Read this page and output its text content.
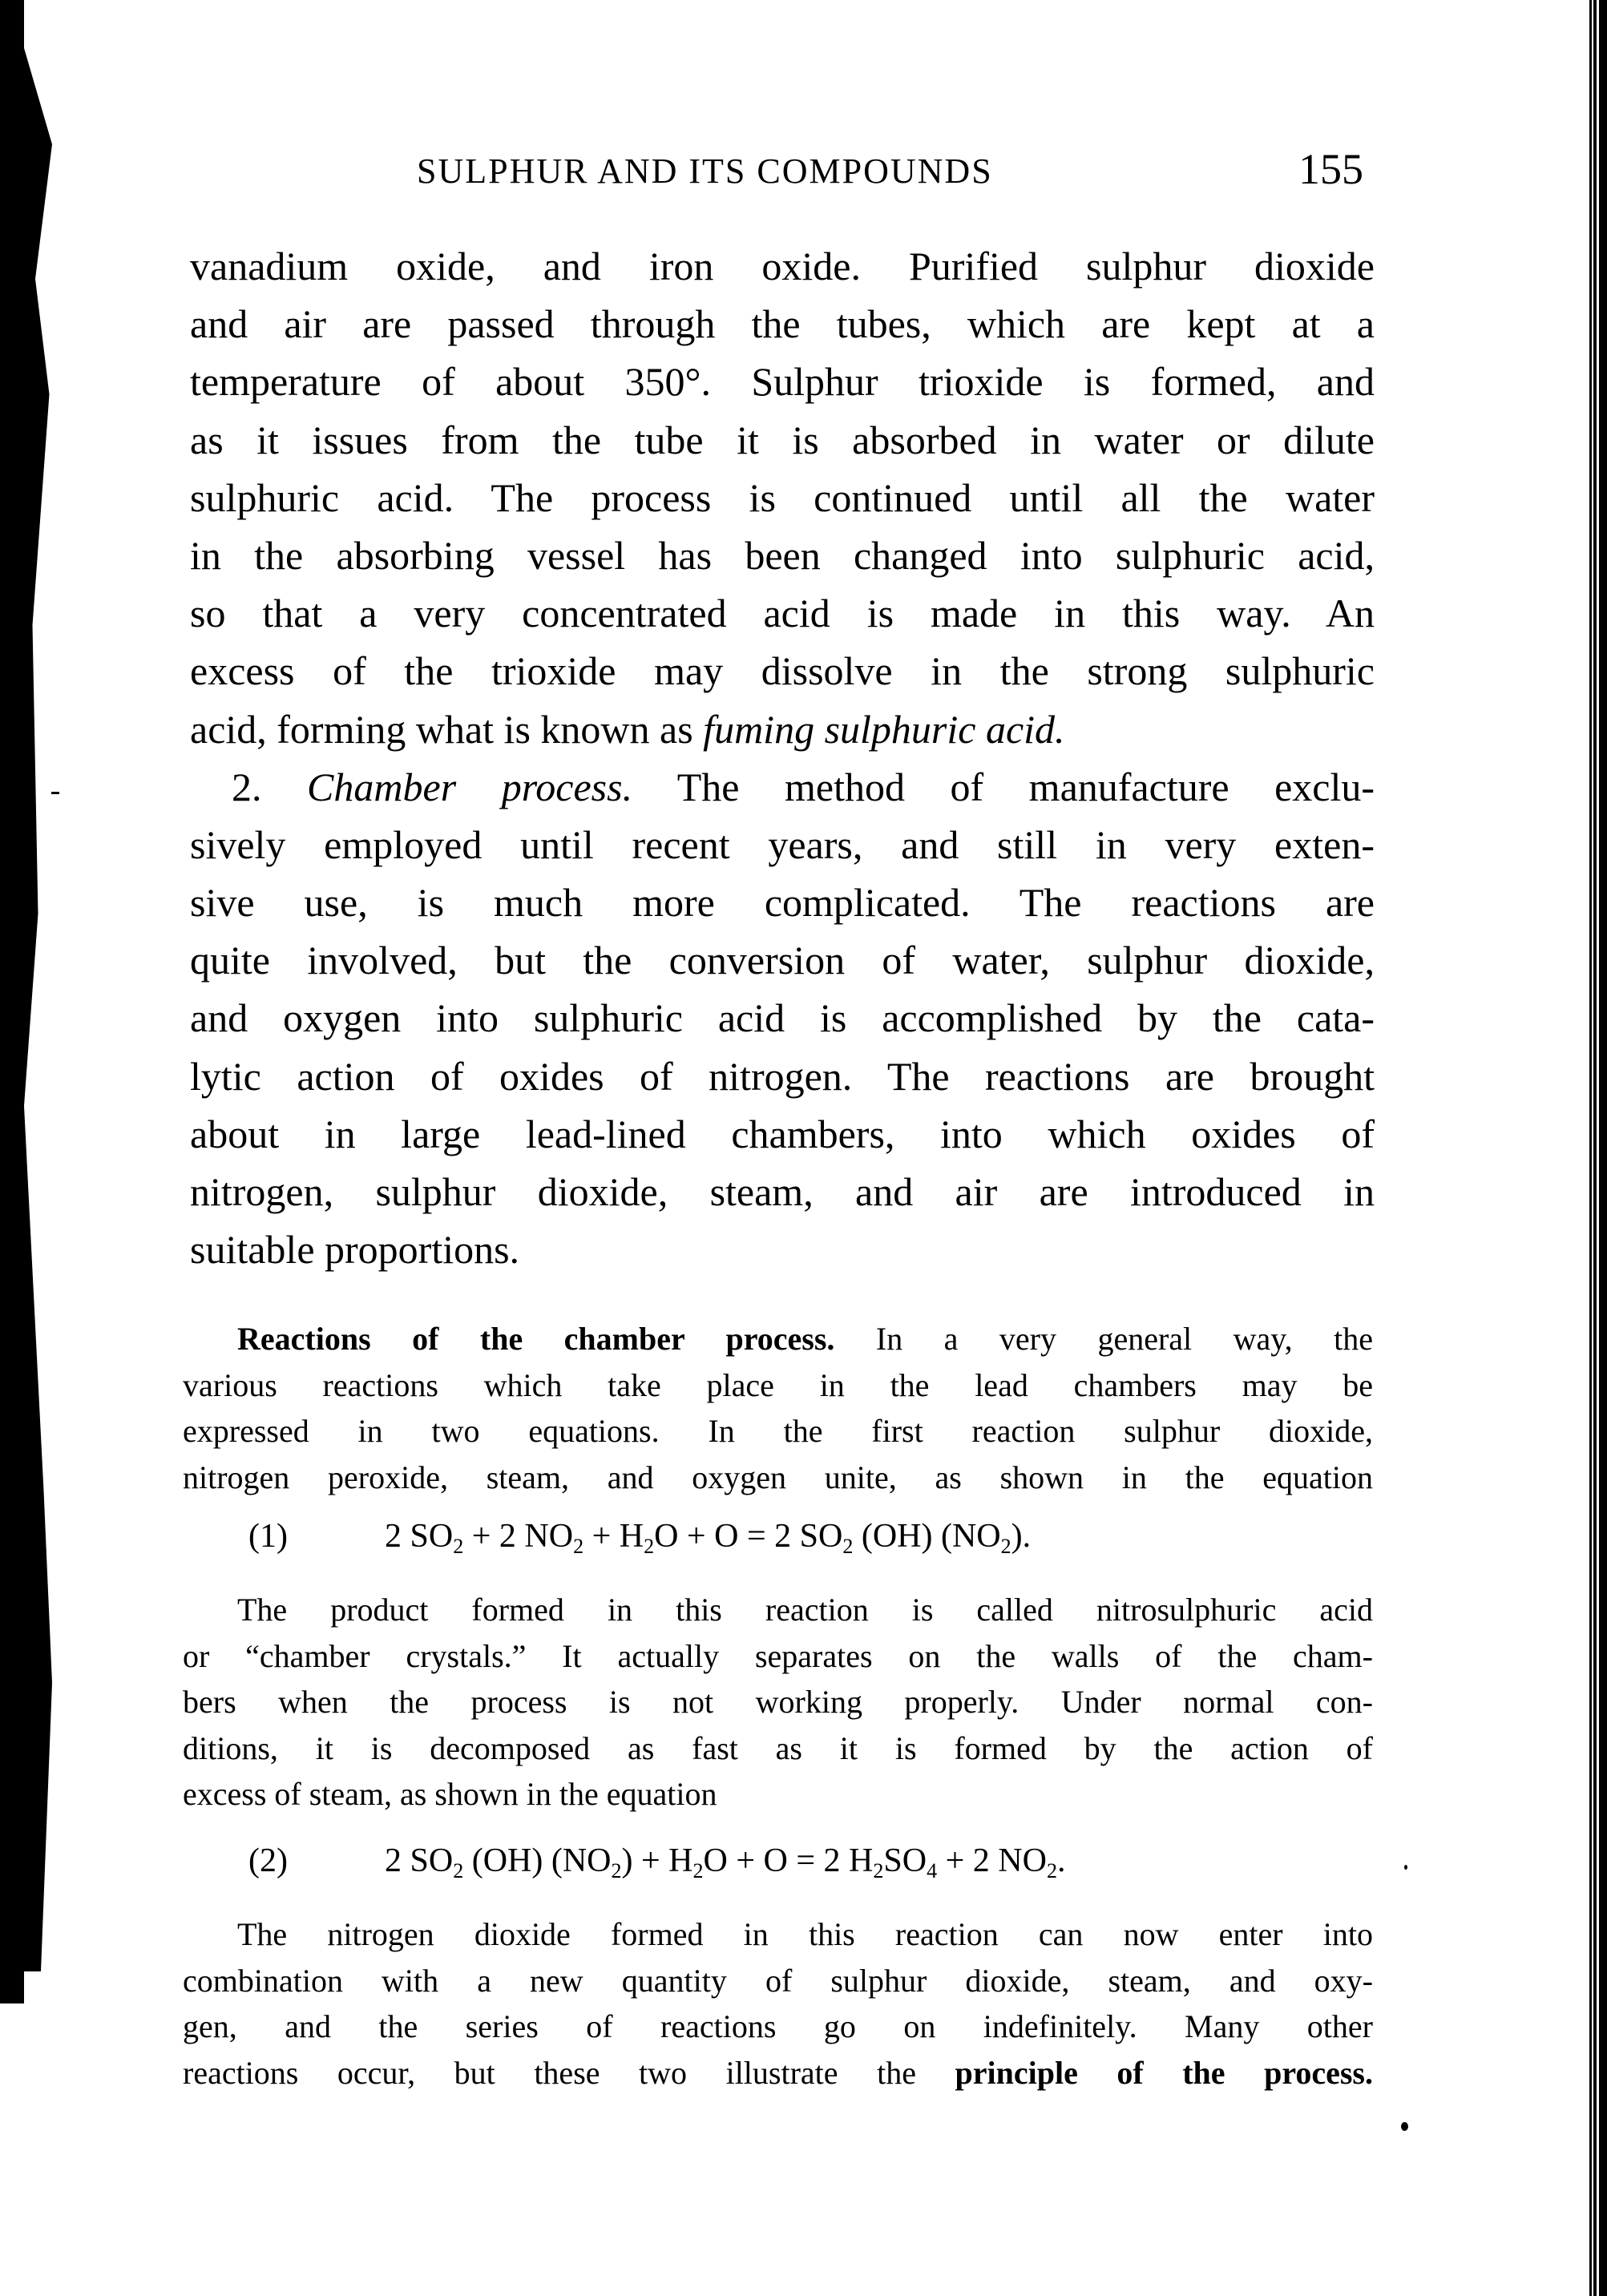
SULPHUR AND ITS COMPOUNDS	155
vanadium oxide, and iron oxide. Purified sulphur dioxide
and air are passed through the tubes, which are kept at a
temperature of about 350°. Sulphur trioxide is formed, and
as it issues from the tube it is absorbed in water or dilute
sulphuric acid. The process is continued until all the water
in the absorbing vessel has been changed into sulphuric acid,
so that a very concentrated acid is made in this way. An
excess of the trioxide may dissolve in the strong sulphuric
acid, forming what is known as fuming sulphuric acid.
2. Chamber process. The method of manufacture exclu-
sively employed until recent years, and still in very exten-
sive use, is much more complicated. The reactions are
quite involved, but the conversion of water, sulphur dioxide,
and oxygen into sulphuric acid is accomplished by the cata-
lytic action of oxides of nitrogen. The reactions are brought
about in large lead-lined chambers, into which oxides of
nitrogen, sulphur dioxide, steam, and air are introduced in
suitable proportions.
Reactions of the chamber process. In a very general way, the
various reactions which take place in the lead chambers may be
expressed in two equations. In the first reaction sulphur dioxide,
nitrogen peroxide, steam, and oxygen unite, as shown in the equation
(1)	2 $SO_2 + 2$ $NO_2 + H_2O + O = 2$ $SO_2$ (OH) $(NO_2)$.
The product formed in this reaction is called nitrosulphuric acid
or “chamber crystals.” It actually separates on the walls of the cham-
bers when the process is not working properly. Under normal con-
ditions, it is decomposed as fast as it is formed by the action of
excess of steam, as shown in the equation
(2)	2 $SO_2$ (OH) $(NO_2) + H_2O + O = 2$ $H_2SO_4 + 2$ $NO_2$.
The nitrogen dioxide formed in this reaction can now enter into
combination with a new quantity of sulphur dioxide, steam, and oxy-
gen, and the series of reactions go on indefinitely. Many other
reactions occur, but these two illustrate the principle of the process.
